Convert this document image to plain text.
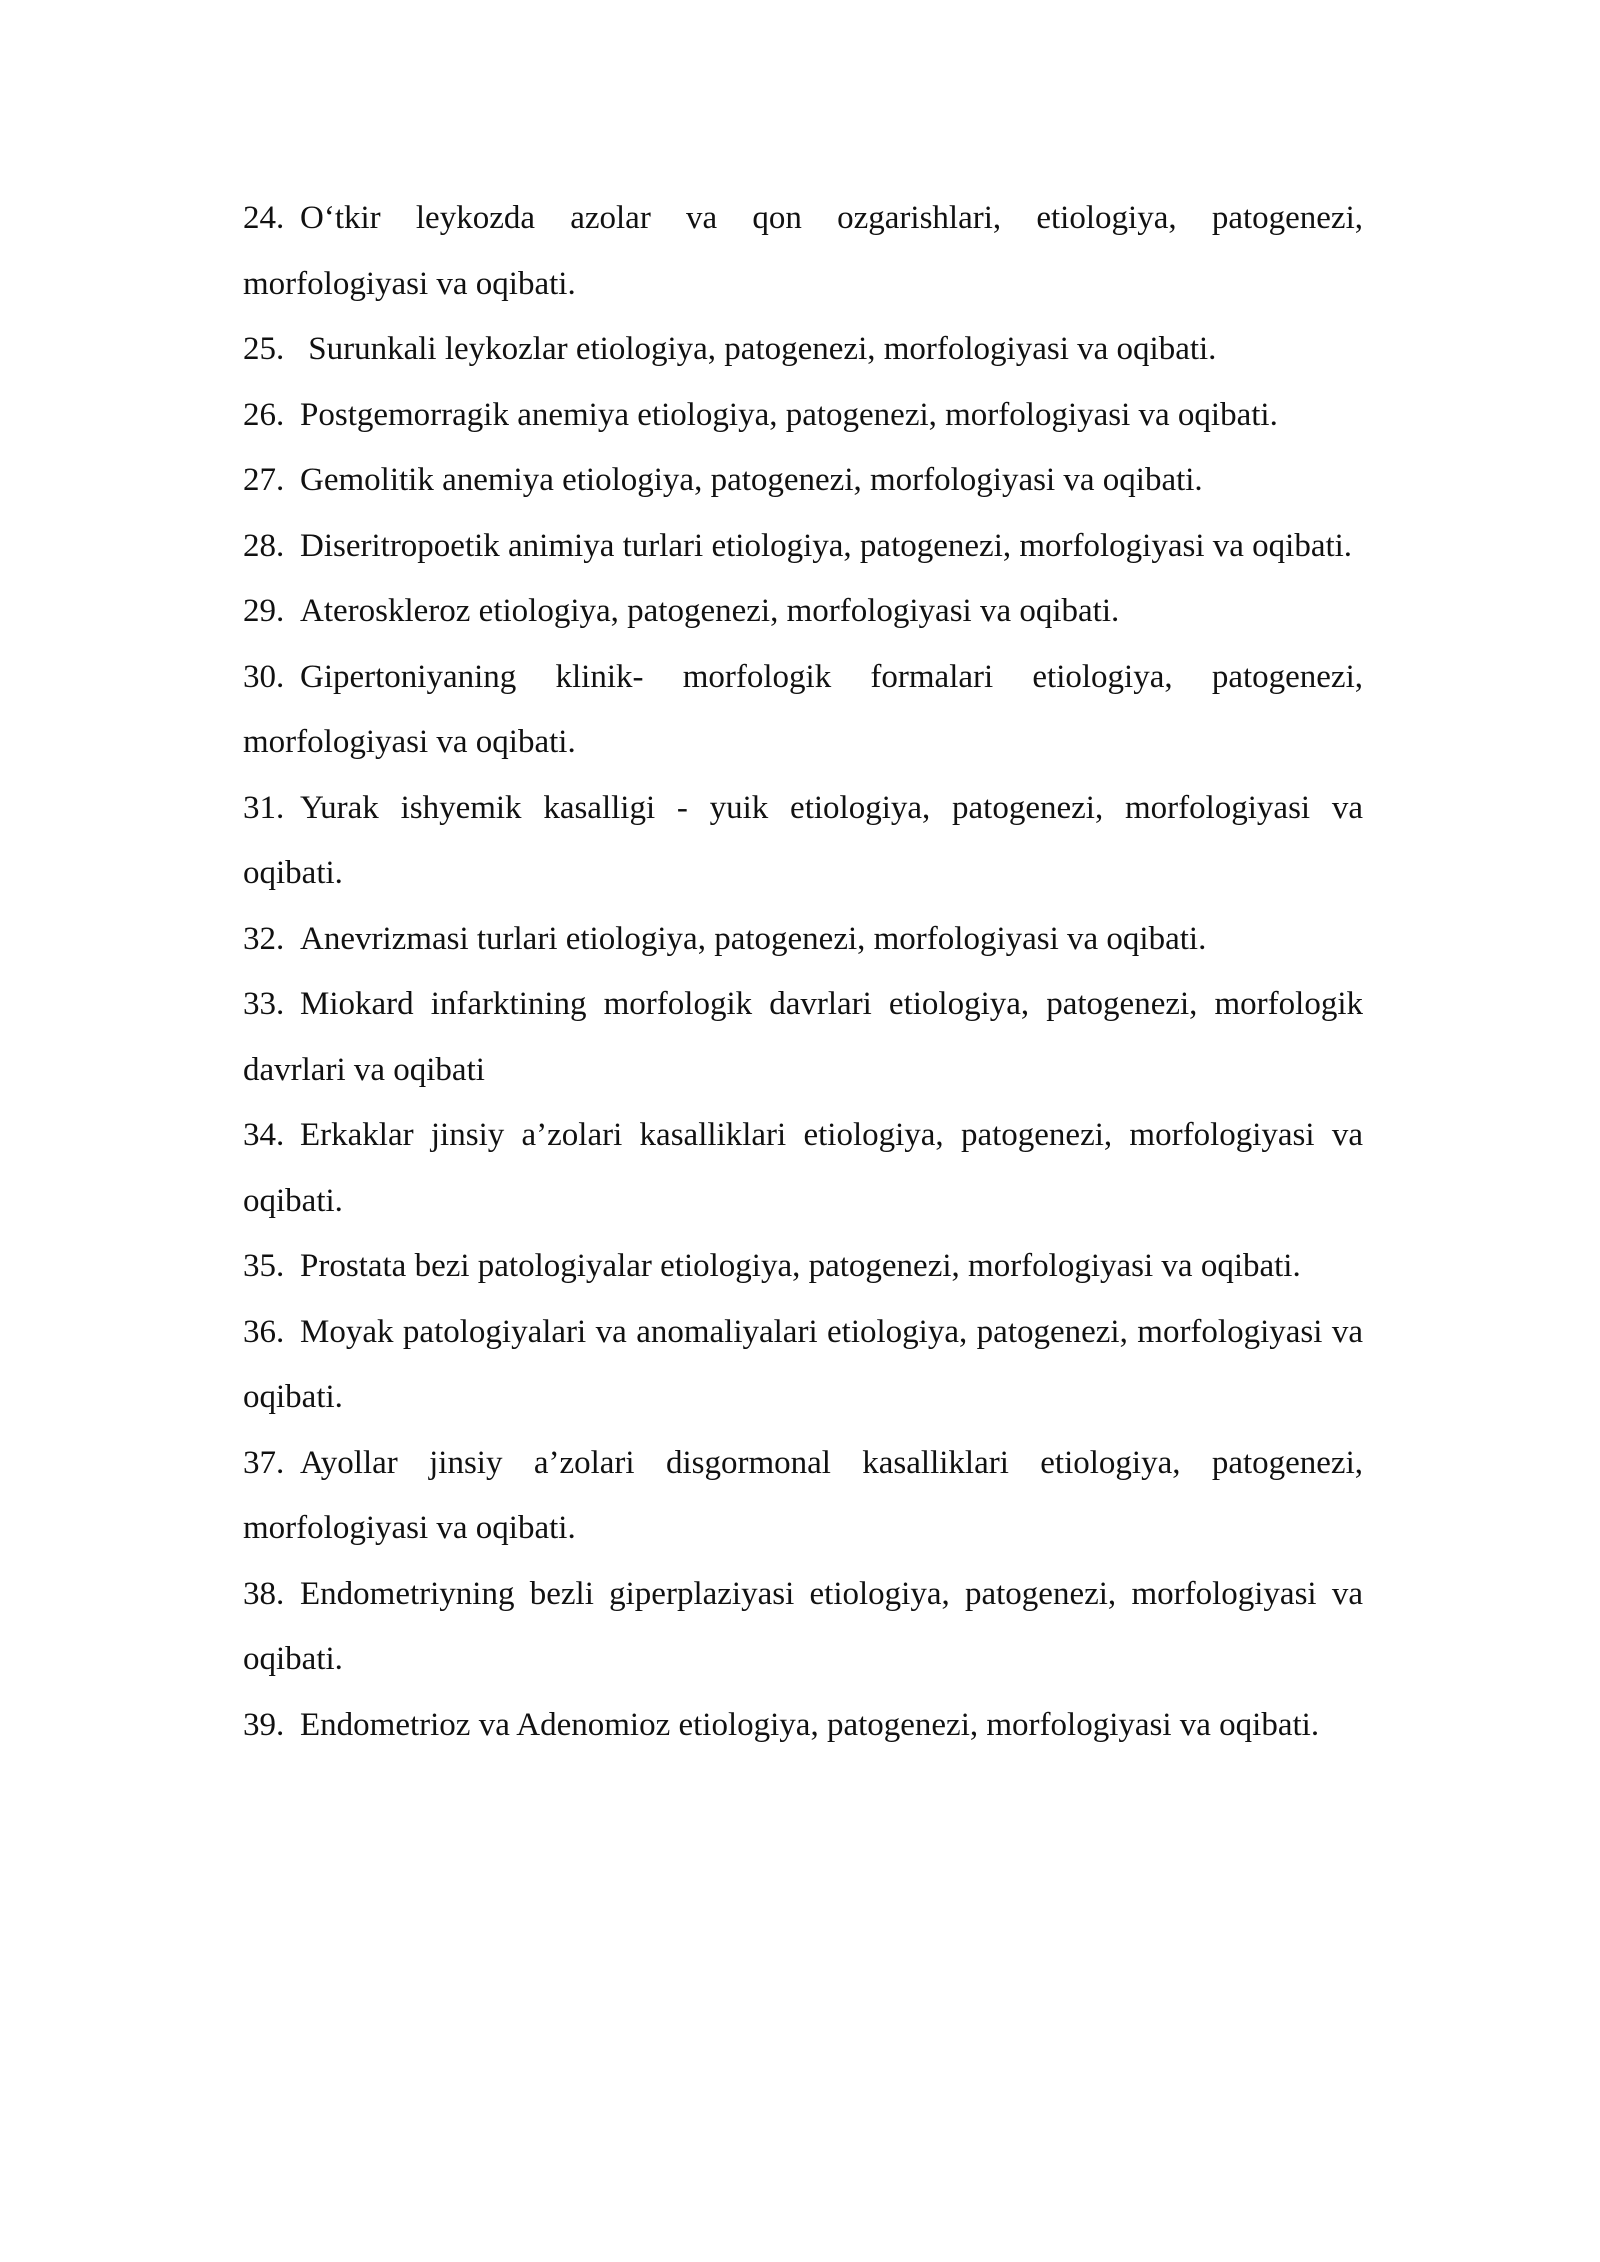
24. O‘tkir leykozda azolar va qon ozgarishlari, etiologiya, patogenezi, morfologiyasi va oqibati.

25. Surunkali leykozlar etiologiya, patogenezi, morfologiyasi va oqibati.

26. Postgemorragik anemiya etiologiya, patogenezi, morfologiyasi va oqibati.

27. Gemolitik anemiya etiologiya, patogenezi, morfologiyasi va oqibati.

28. Diseritropoetik animiya turlari etiologiya, patogenezi, morfologiyasi va oqibati.

29. Ateroskleroz etiologiya, patogenezi, morfologiyasi va oqibati.

30. Gipertoniyaning klinik- morfologik formalari etiologiya, patogenezi, morfologiyasi va oqibati.

31. Yurak ishyemik kasalligi - yuik etiologiya, patogenezi, morfologiyasi va oqibati.

32. Anevrizmasi turlari etiologiya, patogenezi, morfologiyasi va oqibati.

33. Miokard infarktining morfologik davrlari etiologiya, patogenezi, morfologik davrlari va oqibati

34. Erkaklar jinsiy a’zolari kasalliklari etiologiya, patogenezi, morfologiyasi va oqibati.

35. Prostata bezi patologiyalar etiologiya, patogenezi, morfologiyasi va oqibati.

36. Moyak patologiyalari va anomaliyalari etiologiya, patogenezi, morfologiyasi va oqibati.

37. Ayollar jinsiy a’zolari disgormonal kasalliklari etiologiya, patogenezi, morfologiyasi va oqibati.

38. Endometriyning bezli giperplaziyasi etiologiya, patogenezi, morfologiyasi va oqibati.

39. Endometrioz va Adenomioz etiologiya, patogenezi, morfologiyasi va oqibati.
